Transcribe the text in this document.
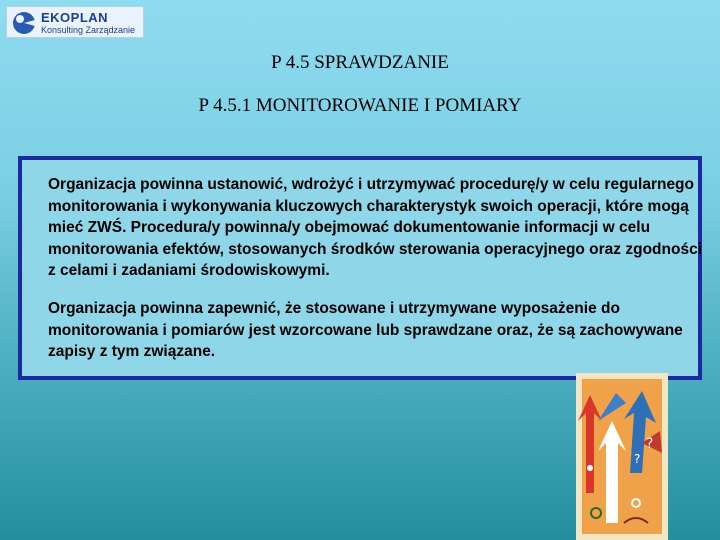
EKOPLAN
Konsulting Zarządzanie
P 4.5 SPRAWDZANIE
P 4.5.1 MONITOROWANIE I POMIARY

Organizacja powinna ustanowić, wdrożyć i utrzymywać procedurę/y w celu regularnego monitorowania i wykonywania kluczowych charakterystyk swoich operacji, które mogą mieć ZWŚ. Procedura/y powinna/y obejmować dokumentowanie informacji w celu monitorowania efektów, stosowanych środków sterowania operacyjnego oraz zgodności z celami i zadaniami środowiskowymi.

Organizacja powinna zapewnić, że stosowane i utrzymywane wyposażenie do monitorowania i pomiarów jest wzorcowane lub sprawdzane oraz, że są zachowywane zapisy z tym związane.

?
?
